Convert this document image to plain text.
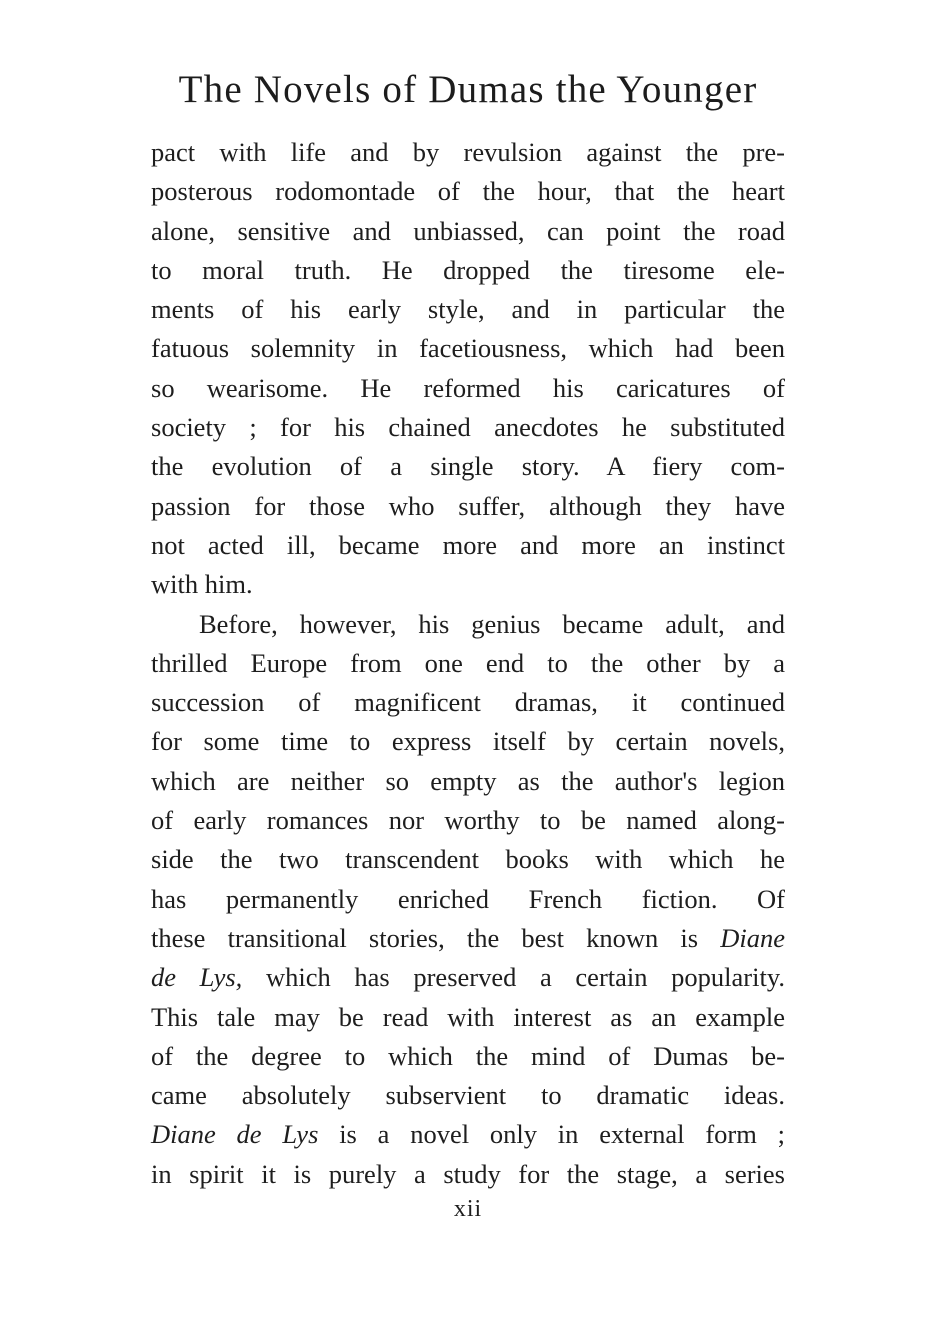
The Novels of Dumas the Younger
pact with life and by revulsion against the pre-
posterous rodomontade of the hour, that the heart
alone, sensitive and unbiassed, can point the road
to moral truth. He dropped the tiresome ele-
ments of his early style, and in particular the
fatuous solemnity in facetiousness, which had been
so wearisome. He reformed his caricatures of
society ; for his chained anecdotes he substituted
the evolution of a single story. A fiery com-
passion for those who suffer, although they have
not acted ill, became more and more an instinct
with him.
Before, however, his genius became adult, and
thrilled Europe from one end to the other by a
succession of magnificent dramas, it continued
for some time to express itself by certain novels,
which are neither so empty as the author's legion
of early romances nor worthy to be named along-
side the two transcendent books with which he
has permanently enriched French fiction. Of
these transitional stories, the best known is Diane
de Lys, which has preserved a certain popularity.
This tale may be read with interest as an example
of the degree to which the mind of Dumas be-
came absolutely subservient to dramatic ideas.
Diane de Lys is a novel only in external form ;
in spirit it is purely a study for the stage, a series
xii
